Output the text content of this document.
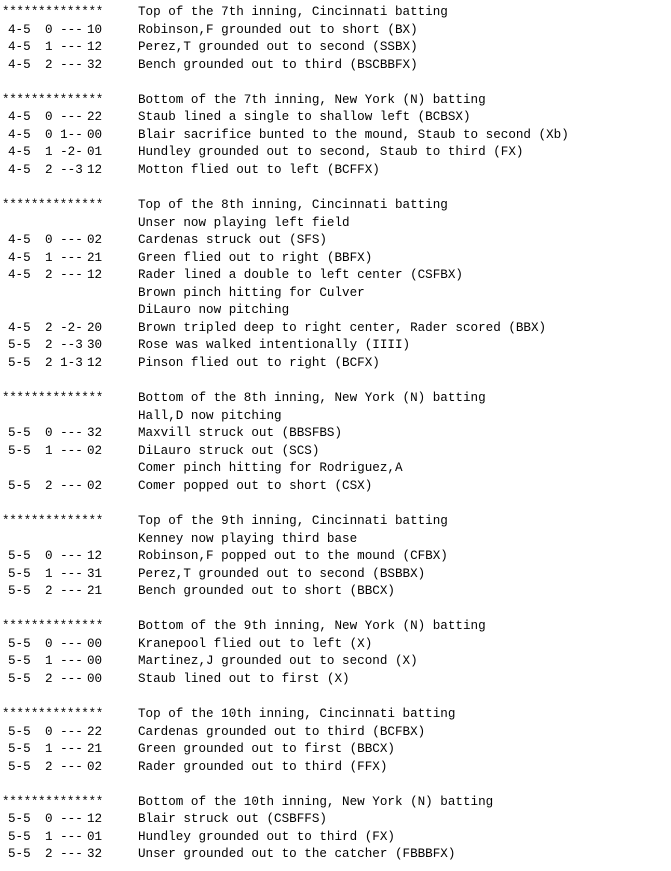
**************	Top of the 7th inning, Cincinnati batting
4-5 0 --- 10	Robinson,F grounded out to short (BX)
4-5 1 --- 12	Perez,T grounded out to second (SSBX)
4-5 2 --- 32	Bench grounded out to third (BSCBBFX)
**************	Bottom of the 7th inning, New York (N) batting
4-5 0 --- 22	Staub lined a single to shallow left (BCBSX)
4-5 0 1-- 00	Blair sacrifice bunted to the mound, Staub to second (Xb)
4-5 1 -2- 01	Hundley grounded out to second, Staub to third (FX)
4-5 2 --3 12	Motton flied out to left (BCFFX)
**************	Top of the 8th inning, Cincinnati batting
Unser now playing left field
4-5 0 --- 02	Cardenas struck out (SFS)
4-5 1 --- 21	Green flied out to right (BBFX)
4-5 2 --- 12	Rader lined a double to left center (CSFBX)
Brown pinch hitting for Culver
DiLauro now pitching
4-5 2 -2- 20	Brown tripled deep to right center, Rader scored (BBX)
5-5 2 --3 30	Rose was walked intentionally (IIII)
5-5 2 1-3 12	Pinson flied out to right (BCFX)
**************	Bottom of the 8th inning, New York (N) batting
Hall,D now pitching
5-5 0 --- 32	Maxvill struck out (BBSFBS)
5-5 1 --- 02	DiLauro struck out (SCS)
Comer pinch hitting for Rodriguez,A
5-5 2 --- 02	Comer popped out to short (CSX)
**************	Top of the 9th inning, Cincinnati batting
Kenney now playing third base
5-5 0 --- 12	Robinson,F popped out to the mound (CFBX)
5-5 1 --- 31	Perez,T grounded out to second (BSBBX)
5-5 2 --- 21	Bench grounded out to short (BBCX)
**************	Bottom of the 9th inning, New York (N) batting
5-5 0 --- 00	Kranepool flied out to left (X)
5-5 1 --- 00	Martinez,J grounded out to second (X)
5-5 2 --- 00	Staub lined out to first (X)
**************	Top of the 10th inning, Cincinnati batting
5-5 0 --- 22	Cardenas grounded out to third (BCFBX)
5-5 1 --- 21	Green grounded out to first (BBCX)
5-5 2 --- 02	Rader grounded out to third (FFX)
**************	Bottom of the 10th inning, New York (N) batting
5-5 0 --- 12	Blair struck out (CSBFFS)
5-5 1 --- 01	Hundley grounded out to third (FX)
5-5 2 --- 32	Unser grounded out to the catcher (FBBBFX)
